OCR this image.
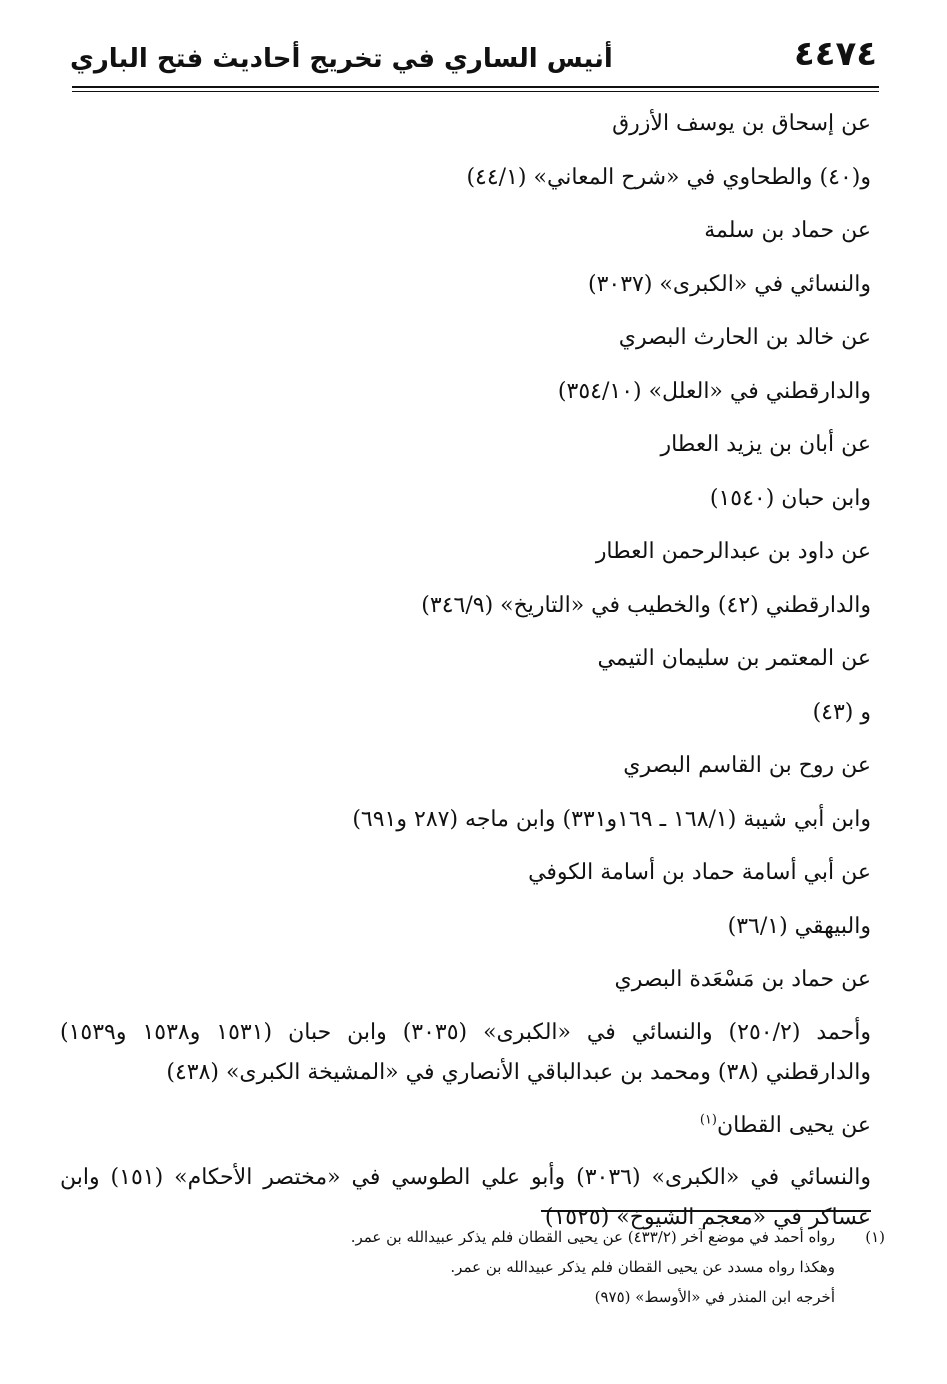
٤٤٧٤
أنيس الساري في تخريج أحاديث فتح الباري
عن إسحاق بن يوسف الأزرق
و(٤٠) والطحاوي في «شرح المعاني» (٤٤/١)
عن حماد بن سلمة
والنسائي في «الكبرى» (٣٠٣٧)
عن خالد بن الحارث البصري
والدارقطني في «العلل» (٣٥٤/١٠)
عن أبان بن يزيد العطار
وابن حبان (١٥٤٠)
عن داود بن عبدالرحمن العطار
والدارقطني (٤٢) والخطيب في «التاريخ» (٣٤٦/٩)
عن المعتمر بن سليمان التيمي
و (٤٣)
عن روح بن القاسم البصري
وابن أبي شيبة (١٦٨/١ ـ ١٦٩و٣٣١) وابن ماجه (٢٨٧ و٦٩١)
عن أبي أسامة حماد بن أسامة الكوفي
والبيهقي (٣٦/١)
عن حماد بن مَسْعَدة البصري
وأحمد (٢٥٠/٢) والنسائي في «الكبرى» (٣٠٣٥) وابن حبان (١٥٣١ و١٥٣٨ و١٥٣٩) والدارقطني (٣٨) ومحمد بن عبدالباقي الأنصاري في «المشيخة الكبرى» (٤٣٨)
عن يحيى القطان$^{(١)}$
والنسائي في «الكبرى» (٣٠٣٦) وأبو علي الطوسي في «مختصر الأحكام» (١٥١) وابن عساكر في «معجم الشيوخ» (١٥٢٥)
(١)
رواه أحمد في موضع آخر (٤٣٣/٢) عن يحيى القطان فلم يذكر عبيدالله بن عمر.
وهكذا رواه مسدد عن يحيى القطان فلم يذكر عبيدالله بن عمر.
أخرجه ابن المنذر في «الأوسط» (٩٧٥)
